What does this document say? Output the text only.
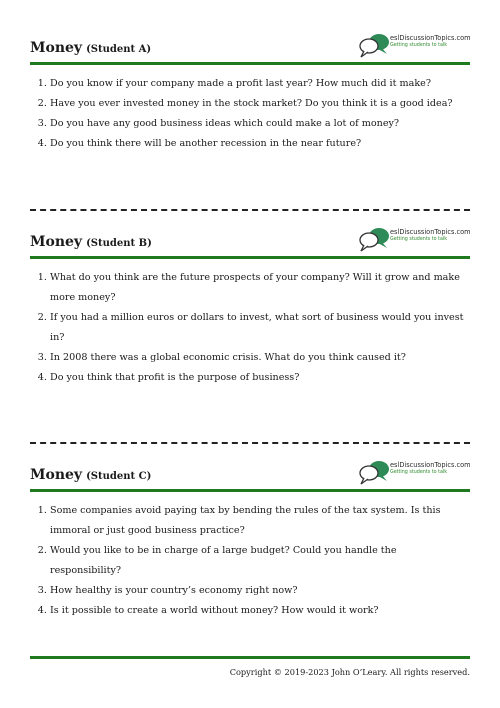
Money (Student A)
eslDiscussionTopics.com
Getting students to talk
1. Do you know if your company made a profit last year? How much did it make?
2. Have you ever invested money in the stock market? Do you think it is a good idea?
3. Do you have any good business ideas which could make a lot of money?
4. Do you think there will be another recession in the near future?
Money (Student B)
eslDiscussionTopics.com
Getting students to talk
1. What do you think are the future prospects of your company? Will it grow and make more money?
2. If you had a million euros or dollars to invest, what sort of business would you invest in?
3. In 2008 there was a global economic crisis. What do you think caused it?
4. Do you think that profit is the purpose of business?
Money (Student C)
eslDiscussionTopics.com
Getting students to talk
1. Some companies avoid paying tax by bending the rules of the tax system. Is this immoral or just good business practice?
2. Would you like to be in charge of a large budget? Could you handle the responsibility?
3. How healthy is your country’s economy right now?
4. Is it possible to create a world without money? How would it work?
Copyright © 2019-2023 John O’Leary. All rights reserved.
